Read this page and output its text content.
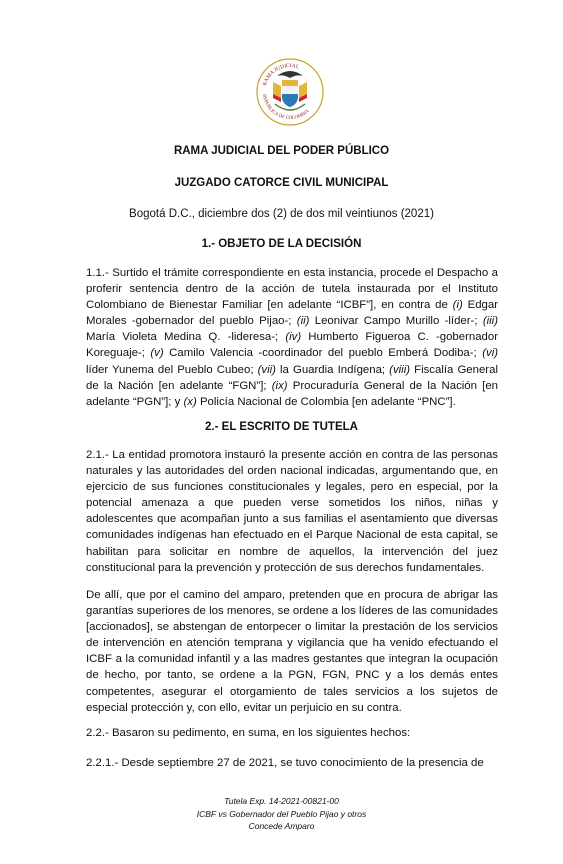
RAMA JUDICIAL
REPUBLICA DE COLOMBIA
RAMA JUDICIAL DEL PODER PÚBLICO
JUZGADO CATORCE CIVIL MUNICIPAL
Bogotá D.C., diciembre dos (2) de dos mil veintiunos (2021)
1.- OBJETO DE LA DECISIÓN

1.1.- Surtido el trámite correspondiente en esta instancia, procede el Despacho a proferir sentencia dentro de la acción de tutela instaurada por el Instituto Colombiano de Bienestar Familiar [en adelante “ICBF”], en contra de (i) Edgar Morales -gobernador del pueblo Pijao-; (ii) Leonivar Campo Murillo -líder-; (iii) María Violeta Medina Q. -lideresa-; (iv) Humberto Figueroa C. -gobernador Koreguaje-; (v) Camilo Valencia -coordinador del pueblo Emberá Dodiba-; (vi) líder Yunema del Pueblo Cubeo; (vii) la Guardia Indígena; (viii) Fiscalía General de la Nación [en adelante “FGN”]; (ix) Procuraduría General de la Nación [en adelante “PGN”]; y (x) Policía Nacional de Colombia [en adelante “PNC”].

2.- EL ESCRITO DE TUTELA

2.1.- La entidad promotora instauró la presente acción en contra de las personas naturales y las autoridades del orden nacional indicadas, argumentando que, en ejercicio de sus funciones constitucionales y legales, pero en especial, por la potencial amenaza a que pueden verse sometidos los niños, niñas y adolescentes que acompañan junto a sus familias el asentamiento que diversas comunidades indígenas han efectuado en el Parque Nacional de esta capital, se habilitan para solicitar en nombre de aquellos, la intervención del juez constitucional para la prevención y protección de sus derechos fundamentales.

De allí, que por el camino del amparo, pretenden que en procura de abrigar las garantías superiores de los menores, se ordene a los líderes de las comunidades [accionados], se abstengan de entorpecer o limitar la prestación de los servicios de intervención en atención temprana y vigilancia que ha venido efectuando el ICBF a la comunidad infantil y a las madres gestantes que integran la ocupación de hecho, por tanto, se ordene a la PGN, FGN, PNC y a los demás entes competentes, asegurar el otorgamiento de tales servicios a los sujetos de especial protección y, con ello, evitar un perjuicio en su contra.

2.2.- Basaron su pedimento, en suma, en los siguientes hechos:

2.2.1.- Desde septiembre 27 de 2021, se tuvo conocimiento de la presencia de

Tutela Exp. 14-2021-00821-00
ICBF vs Gobernador del Pueblo Pijao y otros
Concede Amparo
